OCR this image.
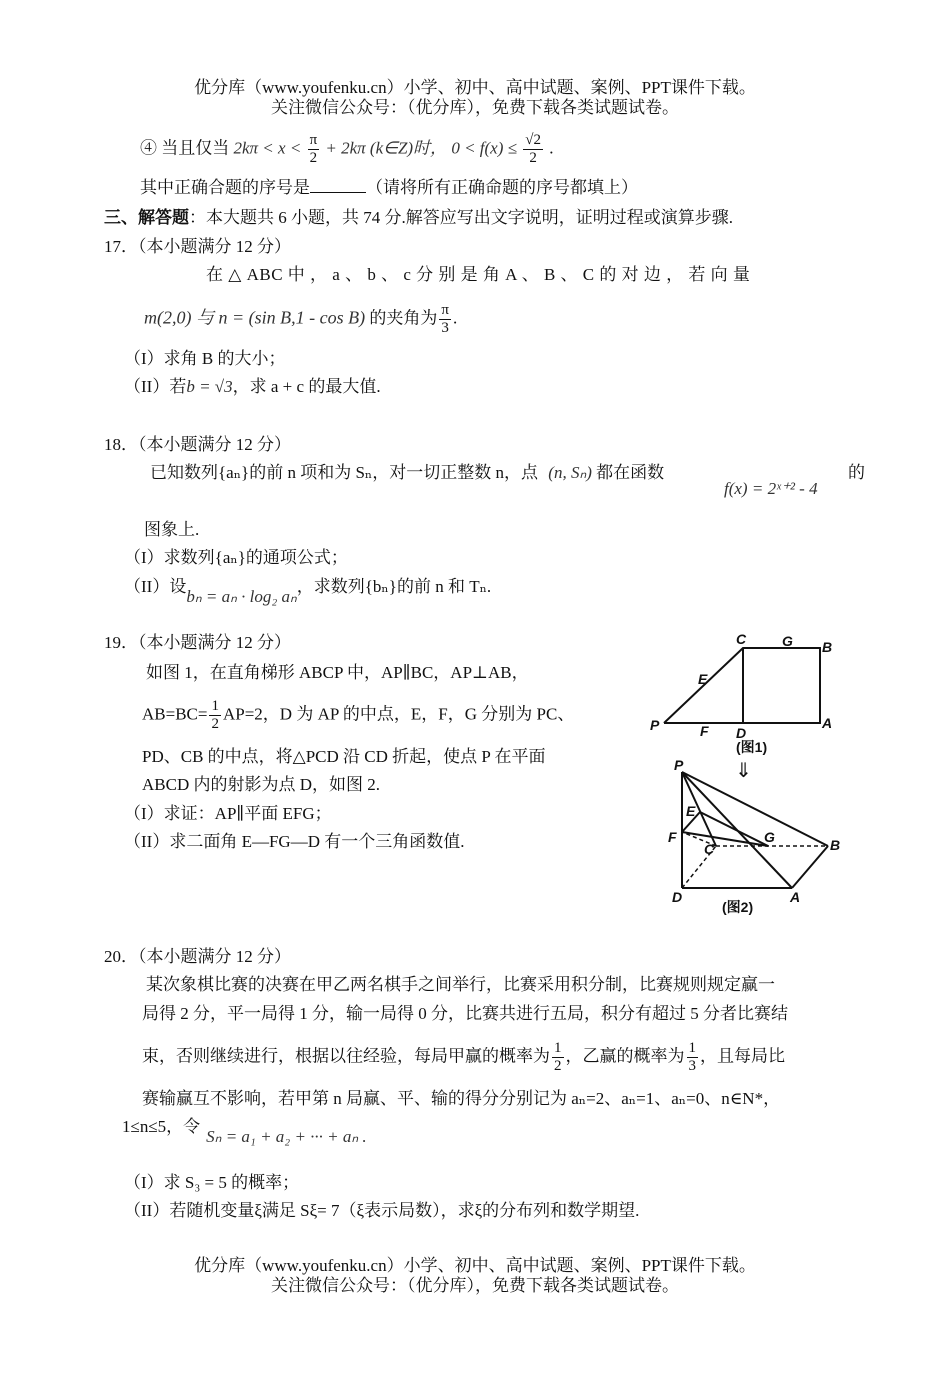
优分库（www.youfenku.cn）小学、初中、高中试题、案例、PPT课件下载。
关注微信公众号：（优分库），免费下载各类试题试卷。
④ 当且仅当 $2k\pi < x < \frac{\pi}{2} + 2k\pi$ (k∈Z)时， $0 < f(x) \le \frac{√2}{2}$ .
其中正确合题的序号是	（请将所有正确命题的序号都填上）
三、解答题：本大题共 6 小题，共 74 分.解答应写出文字说明，证明过程或演算步骤.
17．（本小题满分 12 分）
在 △ ABC 中 ， a 、 b 、 c 分 别 是 角 A 、 B 、 C 的 对 边 ， 若 向 量
m(2,0) 与 n = (sin B,1 - cos B) 的夹角为 $\frac{\pi}{3}$ .
（I）求角 B 的大小；
（II）若b = √3，求 a + c 的最大值.
18．（本小题满分 12 分）
已知数列{aₙ}的前 n 项和为 Sₙ，对一切正整数 n，点 (n, Sₙ) 都在函数
f(x) = 2ˣ⁺² - 4
的
图象上.
（I）求数列{aₙ}的通项公式；
（II）设bₙ = aₙ · log₂ aₙ，求数列{bₙ}的前 n 和 Tₙ.
19．（本小题满分 12 分）
如图 1，在直角梯形 ABCP 中，AP∥BC，AP⊥AB，
$AB=BC= \frac{1}{2} AP=2$，D 为 AP 的中点，E，F，G 分别为 PC、
PD、CB 的中点，将△PCD 沿 CD 折起，使点 P 在平面
ABCD 内的射影为点 D，如图 2.
（I）求证：AP∥平面 EFG；
（II）求二面角 E—FG—D 有一个三角函数值.
C	G B
E
P	F D
A
(图1)
⇓
P
E
F	G
C	B
D	A
(图2)
20．（本小题满分 12 分）
某次象棋比赛的决赛在甲乙两名棋手之间举行，比赛采用积分制，比赛规则规定赢一
局得 2 分，平一局得 1 分，输一局得 0 分，比赛共进行五局，积分有超过 5 分者比赛结
束，否则继续进行，根据以往经验，每局甲赢的概率为 $\frac{1}{2}$ ，乙赢的概率为 $\frac{1}{3}$ ，且每局比
赛输赢互不影响，若甲第 n 局赢、平、输的得分分别记为 aₙ=2、aₙ=1、aₙ=0、n∈N*，
1≤n≤5，令Sₙ = a₁ + a₂ + ··· + aₙ .
（I）求 S₃ = 5 的概率；
（II）若随机变量ξ满足 Sξ= 7（ξ表示局数），求ξ的分布列和数学期望.
优分库（www.youfenku.cn）小学、初中、高中试题、案例、PPT课件下载。
关注微信公众号：（优分库），免费下载各类试题试卷。
